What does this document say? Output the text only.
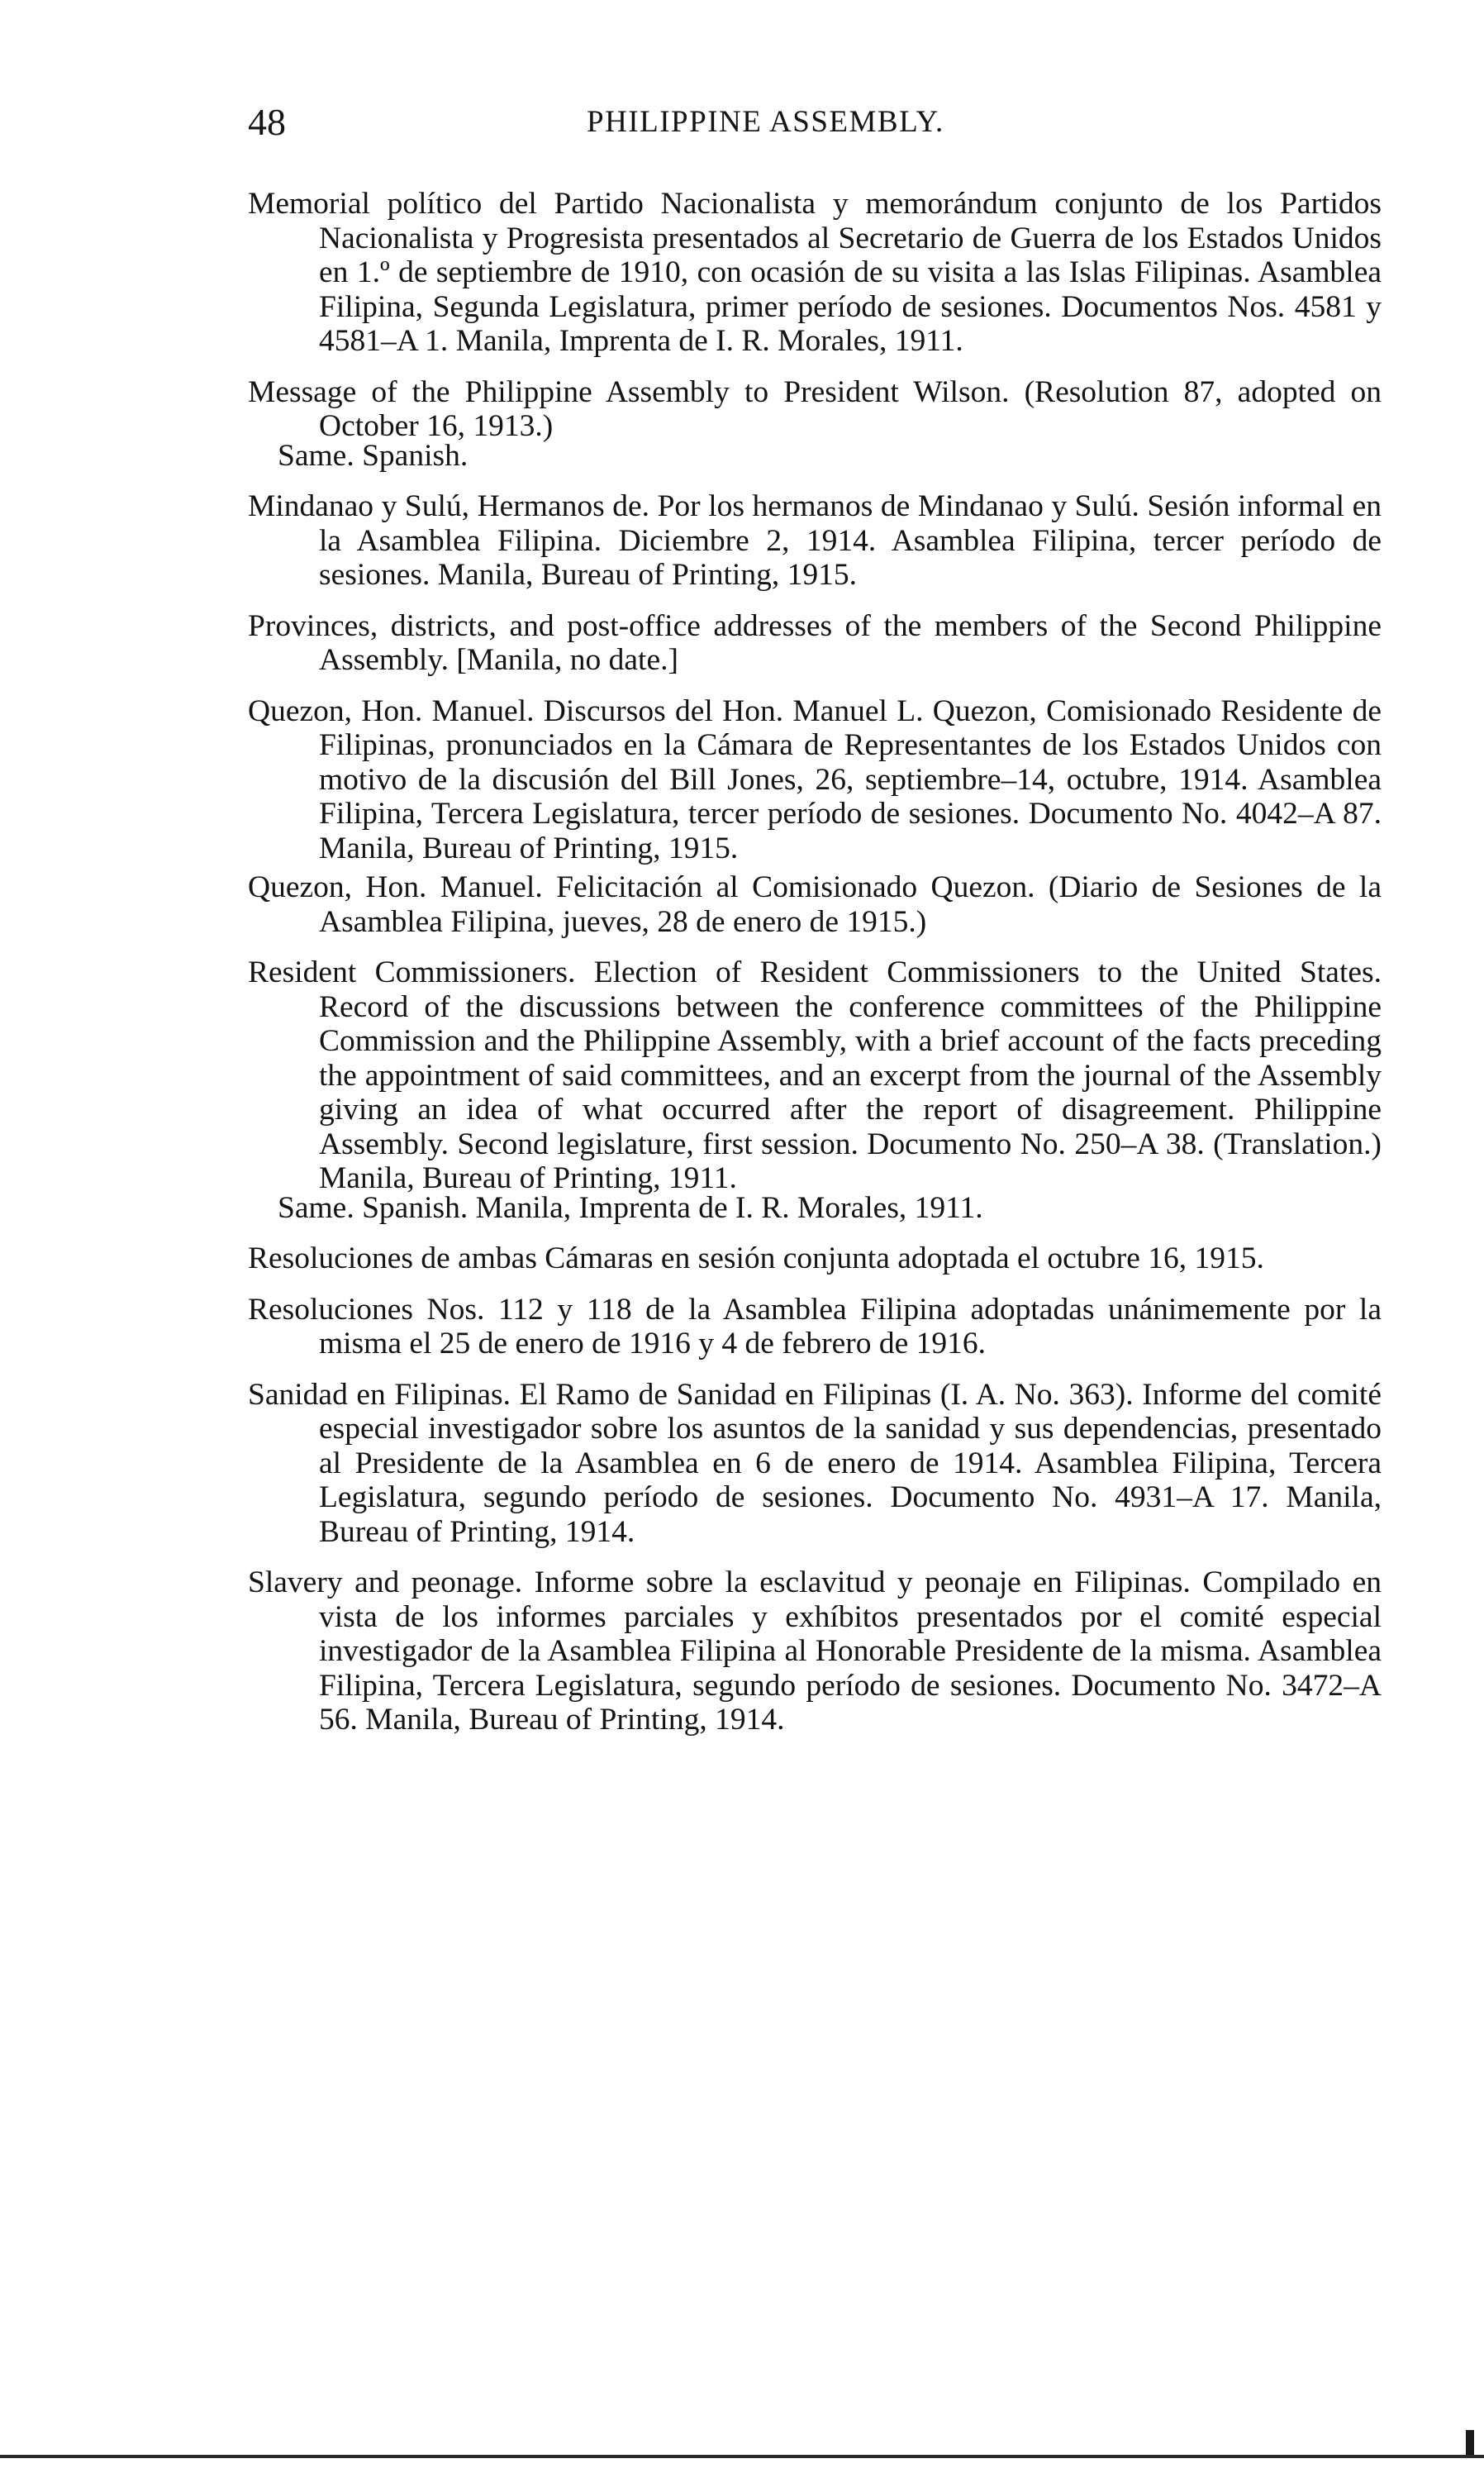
48	PHILIPPINE ASSEMBLY.

Memorial político del Partido Nacionalista y memorándum conjunto de los Partidos Nacionalista y Progresista presentados al Secretario de Guerra de los Estados Unidos en 1.º de septiembre de 1910, con ocasión de su visita a las Islas Filipinas. Asamblea Filipina, Segunda Legislatura, primer período de sesiones. Documentos Nos. 4581 y 4581–A 1. Manila, Imprenta de I. R. Morales, 1911.

Message of the Philippine Assembly to President Wilson. (Resolution 87, adopted on October 16, 1913.)

Same. Spanish.

Mindanao y Sulú, Hermanos de. Por los hermanos de Mindanao y Sulú. Sesión informal en la Asamblea Filipina. Diciembre 2, 1914. Asamblea Filipina, tercer período de sesiones. Manila, Bureau of Printing, 1915.

Provinces, districts, and post-office addresses of the members of the Second Philippine Assembly. [Manila, no date.]

Quezon, Hon. Manuel. Discursos del Hon. Manuel L. Quezon, Comisionado Residente de Filipinas, pronunciados en la Cámara de Representantes de los Estados Unidos con motivo de la discusión del Bill Jones, 26, septiembre–14, octubre, 1914. Asamblea Filipina, Tercera Legislatura, tercer período de sesiones. Documento No. 4042–A 87. Manila, Bureau of Printing, 1915.

Quezon, Hon. Manuel. Felicitación al Comisionado Quezon. (Diario de Sesiones de la Asamblea Filipina, jueves, 28 de enero de 1915.)

Resident Commissioners. Election of Resident Commissioners to the United States. Record of the discussions between the conference committees of the Philippine Commission and the Philippine Assembly, with a brief account of the facts preceding the appointment of said committees, and an excerpt from the journal of the Assembly giving an idea of what occurred after the report of disagreement. Philippine Assembly. Second legislature, first session. Documento No. 250–A 38. (Translation.) Manila, Bureau of Printing, 1911.

Same. Spanish. Manila, Imprenta de I. R. Morales, 1911.

Resoluciones de ambas Cámaras en sesión conjunta adoptada el octubre 16, 1915.

Resoluciones Nos. 112 y 118 de la Asamblea Filipina adoptadas unánimemente por la misma el 25 de enero de 1916 y 4 de febrero de 1916.

Sanidad en Filipinas. El Ramo de Sanidad en Filipinas (I. A. No. 363). Informe del comité especial investigador sobre los asuntos de la sanidad y sus dependencias, presentado al Presidente de la Asamblea en 6 de enero de 1914. Asamblea Filipina, Tercera Legislatura, segundo período de sesiones. Documento No. 4931–A 17. Manila, Bureau of Printing, 1914.

Slavery and peonage. Informe sobre la esclavitud y peonaje en Filipinas. Compilado en vista de los informes parciales y exhíbitos presentados por el comité especial investigador de la Asamblea Filipina al Honorable Presidente de la misma. Asamblea Filipina, Tercera Legislatura, segundo período de sesiones. Documento No. 3472–A 56. Manila, Bureau of Printing, 1914.
